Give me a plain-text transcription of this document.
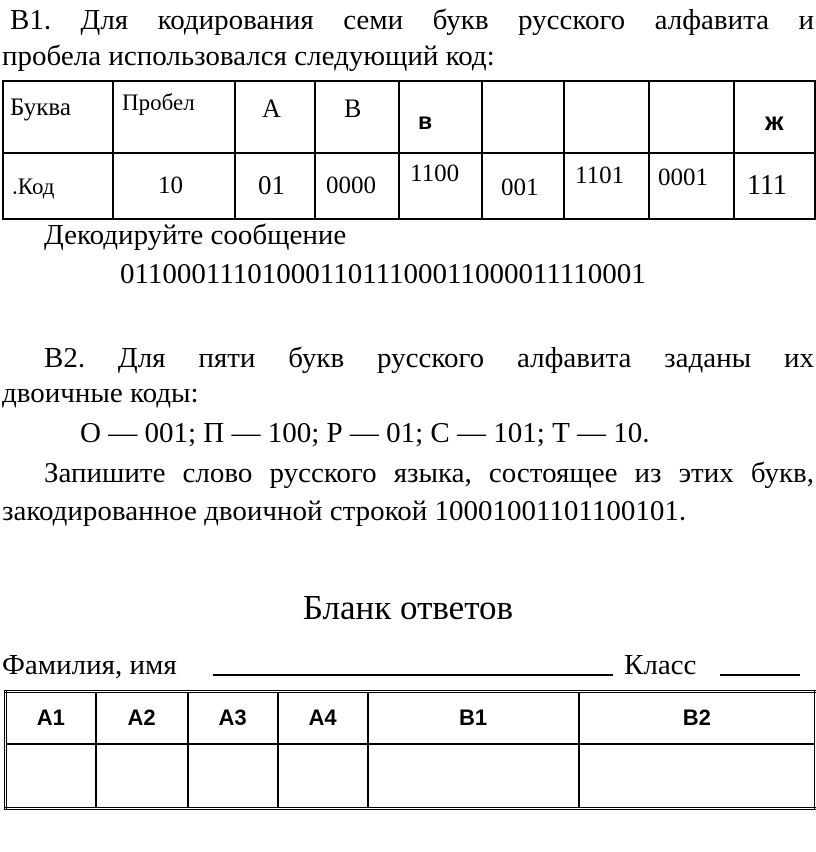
В1. Для кодирования семи букв русского алфавита и
пробела использовался следующий код:
Буква	Пробел	А	В	в				ж

.Код	10	01	0000	1100	001	1101	0001	111
Декодируйте сообщение
0110001110100011011100011000011110001
В2. Для пяти букв русского алфавита заданы их
двоичные коды:
О — 001; П — 100; Р — 01; С — 101; Т — 10.
Запишите слово русского языка, состоящее из этих букв,
закодированное двоичной строкой 10001001101100101.
Бланк ответов
Фамилия, имя	Класс
А1	А2	А3	А4	В1	В2
